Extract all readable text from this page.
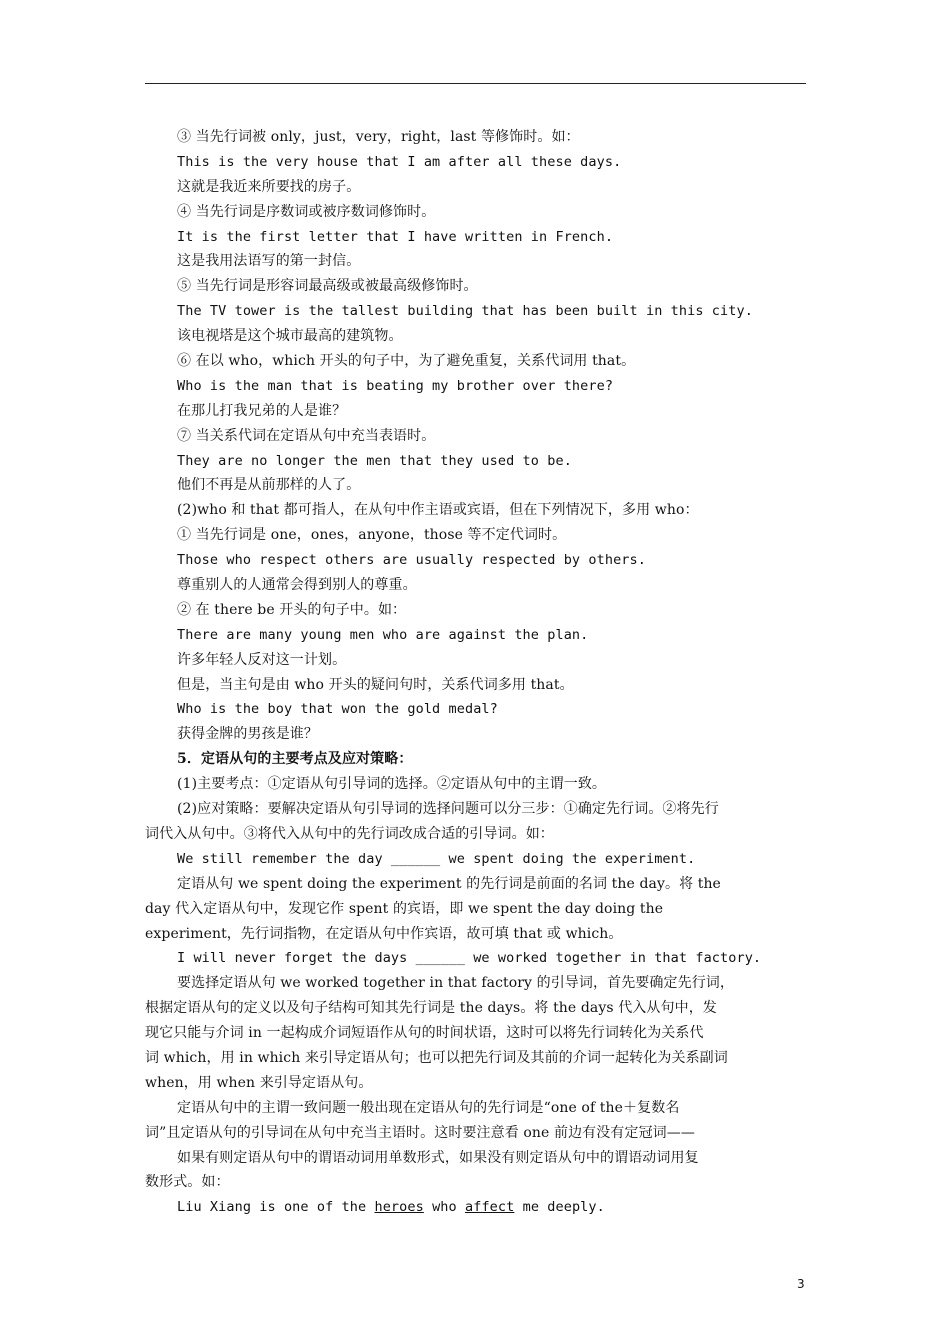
③ 当先行词被 only，just，very，right，last 等修饰时。如：
This is the very house that I am after all these days.
这就是我近来所要找的房子。
④ 当先行词是序数词或被序数词修饰时。
It is the first letter that I have written in French.
这是我用法语写的第一封信。
⑤ 当先行词是形容词最高级或被最高级修饰时。
The TV tower is the tallest building that has been built in this city.
该电视塔是这个城市最高的建筑物。
⑥ 在以 who，which 开头的句子中，为了避免重复，关系代词用 that。
Who is the man that is beating my brother over there?
在那儿打我兄弟的人是谁？
⑦ 当关系代词在定语从句中充当表语时。
They are no longer the men that they used to be.
他们不再是从前那样的人了。
(2)who 和 that 都可指人，在从句中作主语或宾语，但在下列情况下，多用 who：
① 当先行词是 one，ones，anyone，those 等不定代词时。
Those who respect others are usually respected by others.
尊重别人的人通常会得到别人的尊重。
② 在 there be 开头的句子中。如：
There are many young men who are against the plan.
许多年轻人反对这一计划。
但是，当主句是由 who 开头的疑问句时，关系代词多用 that。
Who is the boy that won the gold medal?
获得金牌的男孩是谁？
5．定语从句的主要考点及应对策略：
(1)主要考点：①定语从句引导词的选择。②定语从句中的主谓一致。
(2)应对策略：要解决定语从句引导词的选择问题可以分三步：①确定先行词。②将先行
词代入从句中。③将代入从句中的先行词改成合适的引导词。如：
We still remember the day ______ we spent doing the experiment.
定语从句 we spent doing the experiment 的先行词是前面的名词 the day。将 the
day 代入定语从句中，发现它作 spent 的宾语，即 we spent the day doing the
experiment，先行词指物，在定语从句中作宾语，故可填 that 或 which。
I will never forget the days ______ we worked together in that factory.
要选择定语从句 we worked together in that factory 的引导词，首先要确定先行词，
根据定语从句的定义以及句子结构可知其先行词是 the days。将 the days 代入从句中，发
现它只能与介词 in 一起构成介词短语作从句的时间状语，这时可以将先行词转化为关系代
词 which，用 in which 来引导定语从句；也可以把先行词及其前的介词一起转化为关系副词
when，用 when 来引导定语从句。
定语从句中的主谓一致问题一般出现在定语从句的先行词是“one of the＋复数名
词”且定语从句的引导词在从句中充当主语时。这时要注意看 one 前边有没有定冠词——
如果有则定语从句中的谓语动词用单数形式，如果没有则定语从句中的谓语动词用复
数形式。如：
Liu Xiang is one of the heroes who affect me deeply.
3
